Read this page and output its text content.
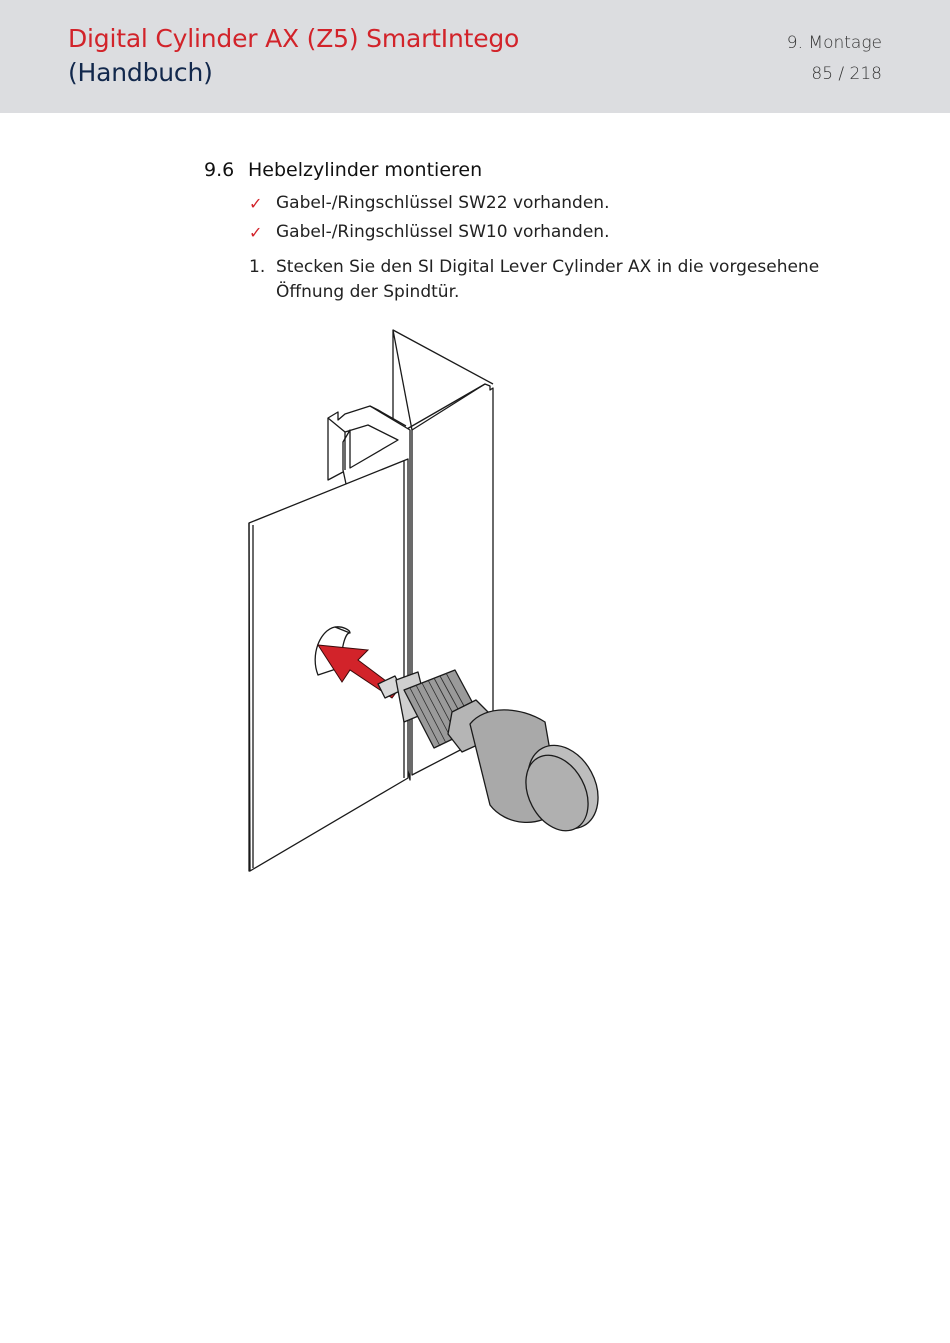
Digital Cylinder AX (Z5) SmartIntego
(Handbuch)
9. Montage
85 / 218
9.6 Hebelzylinder montieren
✓ Gabel-/Ringschlüssel SW22 vorhanden.
✓ Gabel-/Ringschlüssel SW10 vorhanden.
1. Stecken Sie den SI Digital Lever Cylinder AX in die vorgesehene Öffnung der Spindtür.
